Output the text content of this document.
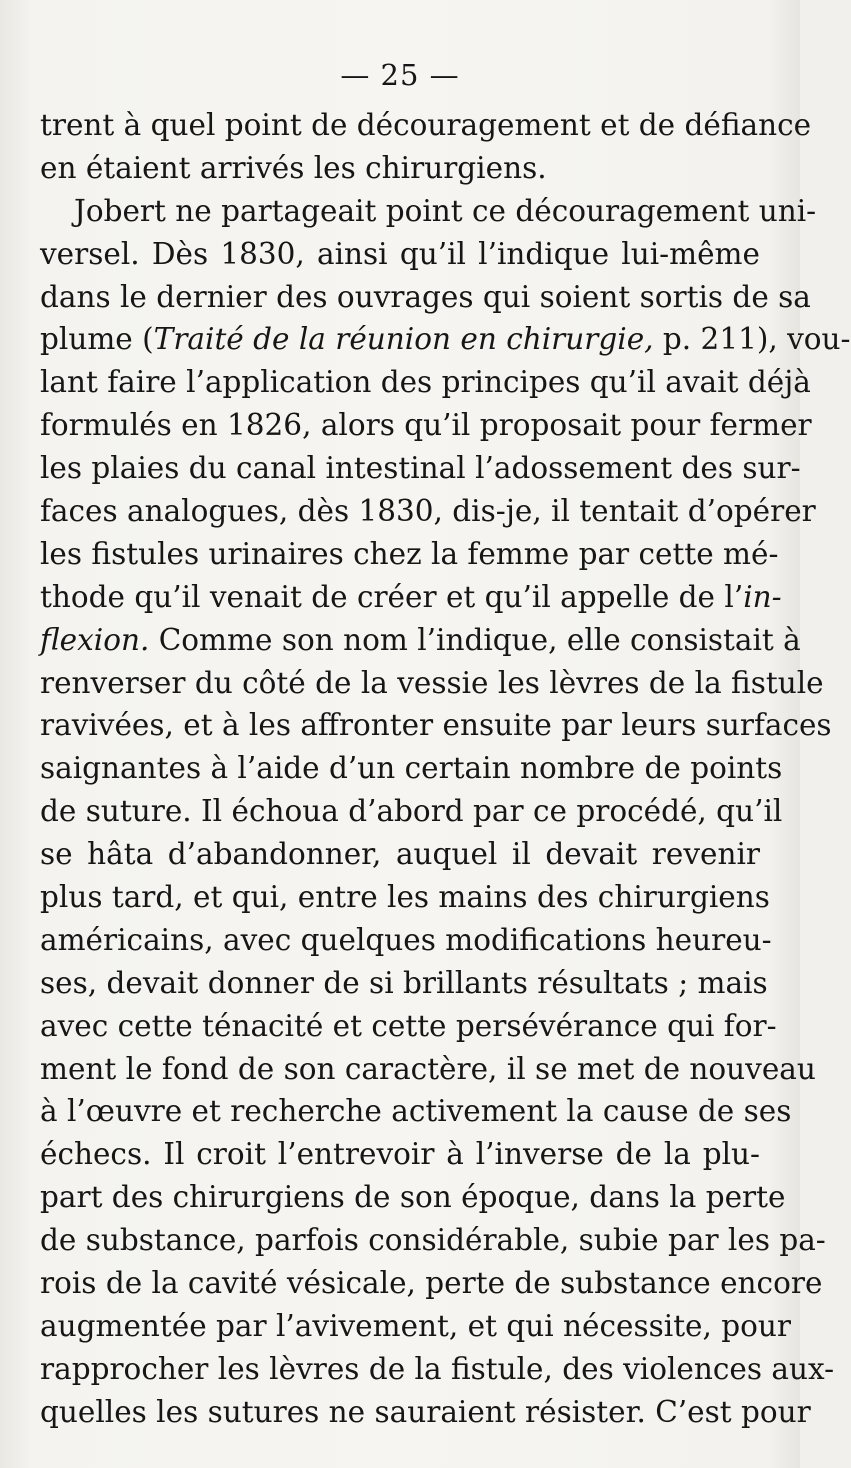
— 25 —
trent à quel point de découragement et de défiance
en étaient arrivés les chirurgiens.
Jobert ne partageait point ce découragement uni-
versel. Dès 1830, ainsi qu’il l’indique lui-même
dans le dernier des ouvrages qui soient sortis de sa
plume (Traité de la réunion en chirurgie, p. 211), vou-
lant faire l’application des principes qu’il avait déjà
formulés en 1826, alors qu’il proposait pour fermer
les plaies du canal intestinal l’adossement des sur-
faces analogues, dès 1830, dis-je, il tentait d’opérer
les fistules urinaires chez la femme par cette mé-
thode qu’il venait de créer et qu’il appelle de l’in-
flexion. Comme son nom l’indique, elle consistait à
renverser du côté de la vessie les lèvres de la fistule
ravivées, et à les affronter ensuite par leurs surfaces
saignantes à l’aide d’un certain nombre de points
de suture. Il échoua d’abord par ce procédé, qu’il
se hâta d’abandonner, auquel il devait revenir
plus tard, et qui, entre les mains des chirurgiens
américains, avec quelques modifications heureu-
ses, devait donner de si brillants résultats ; mais
avec cette ténacité et cette persévérance qui for-
ment le fond de son caractère, il se met de nouveau
à l’œuvre et recherche activement la cause de ses
échecs. Il croit l’entrevoir à l’inverse de la plu-
part des chirurgiens de son époque, dans la perte
de substance, parfois considérable, subie par les pa-
rois de la cavité vésicale, perte de substance encore
augmentée par l’avivement, et qui nécessite, pour
rapprocher les lèvres de la fistule, des violences aux-
quelles les sutures ne sauraient résister. C’est pour
